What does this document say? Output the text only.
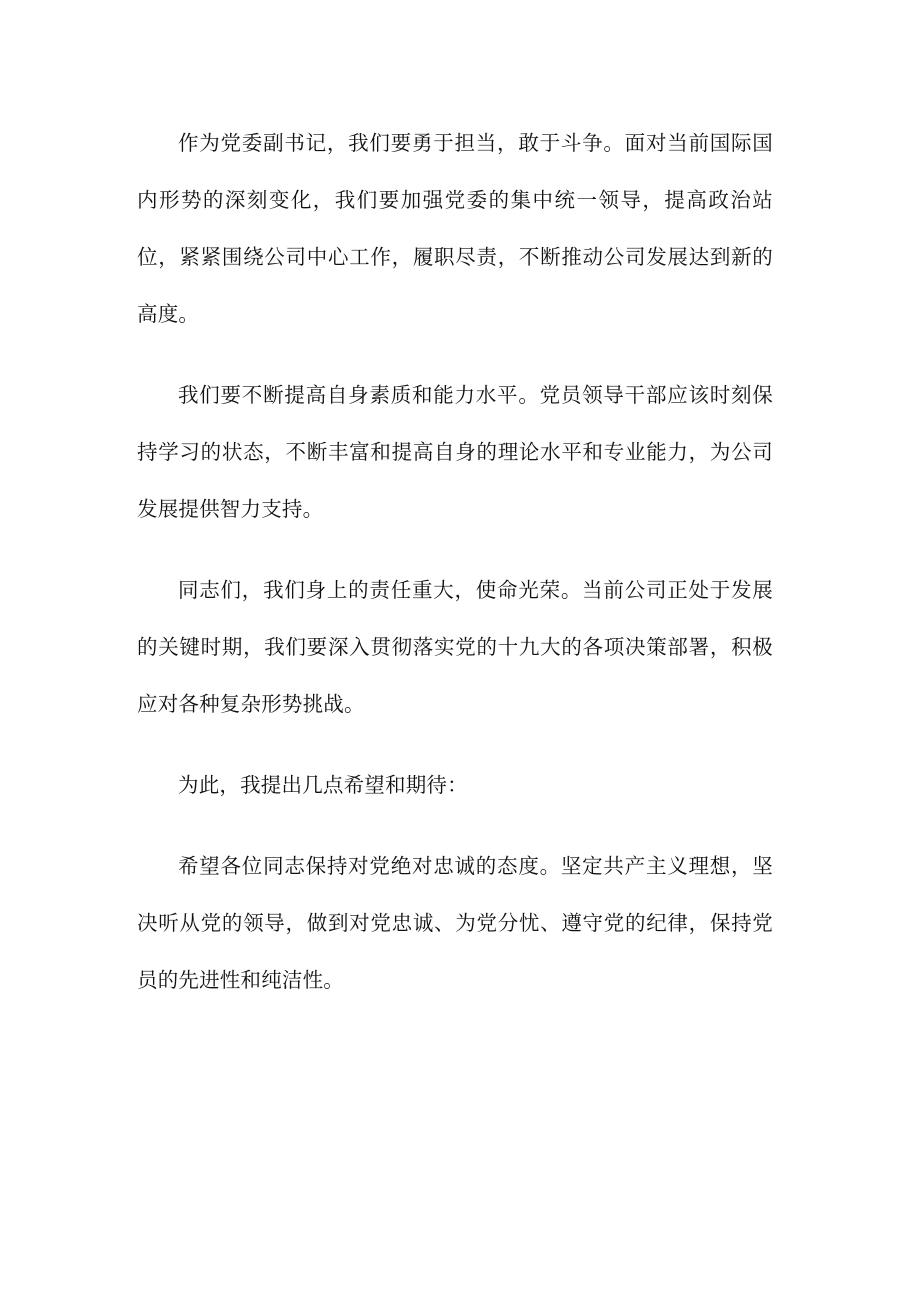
作为党委副书记，我们要勇于担当，敢于斗争。面对当前国际国内形势的深刻变化，我们要加强党委的集中统一领导，提高政治站位，紧紧围绕公司中心工作，履职尽责，不断推动公司发展达到新的高度。

我们要不断提高自身素质和能力水平。党员领导干部应该时刻保持学习的状态，不断丰富和提高自身的理论水平和专业能力，为公司发展提供智力支持。

同志们，我们身上的责任重大，使命光荣。当前公司正处于发展的关键时期，我们要深入贯彻落实党的十九大的各项决策部署，积极应对各种复杂形势挑战。

为此，我提出几点希望和期待：

希望各位同志保持对党绝对忠诚的态度。坚定共产主义理想，坚决听从党的领导，做到对党忠诚、为党分忧、遵守党的纪律，保持党员的先进性和纯洁性。
